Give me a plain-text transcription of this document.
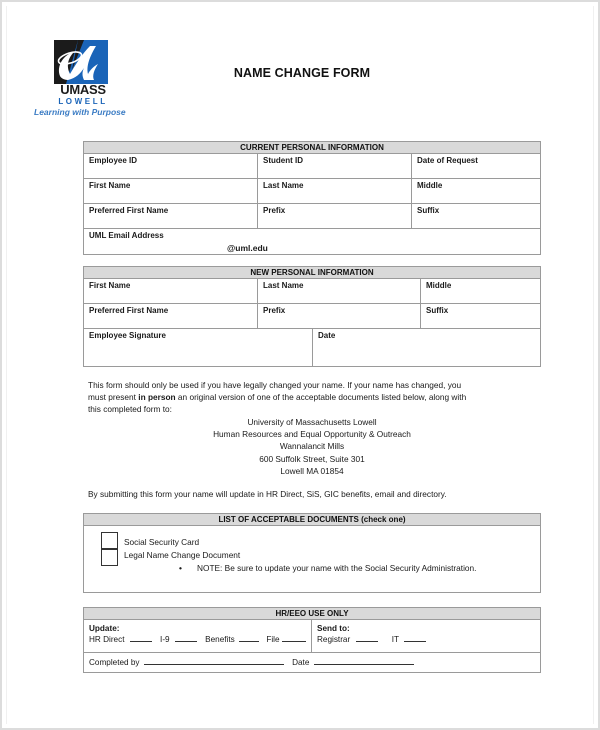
UMASS
LOWELL
Learning with Purpose
NAME CHANGE FORM
CURRENT PERSONAL INFORMATION
Employee ID	Student ID	Date of Request
First Name	Last Name	Middle
Preferred First Name	Prefix	Suffix
UML Email Address
@uml.edu
NEW PERSONAL INFORMATION
First Name	Last Name	Middle
Preferred First Name	Prefix	Suffix
Employee Signature	Date
This form should only be used if you have legally changed your name. If your name has changed, you
must present in person an original version of one of the acceptable documents listed below, along with
this completed form to:
University of Massachusetts Lowell
Human Resources and Equal Opportunity & Outreach
Wannalancit Mills
600 Suffolk Street, Suite 301
Lowell MA 01854
By submitting this form your name will update in HR Direct, SiS, GIC benefits, email and directory.
LIST OF ACCEPTABLE DOCUMENTS (check one)
Social Security Card
Legal Name Change Document
• NOTE: Be sure to update your name with the Social Security Administration.
HR/EEO USE ONLY
Update:
HR Direct	I-9	Benefits	File
Send to:
Registrar	IT
Completed by	Date
